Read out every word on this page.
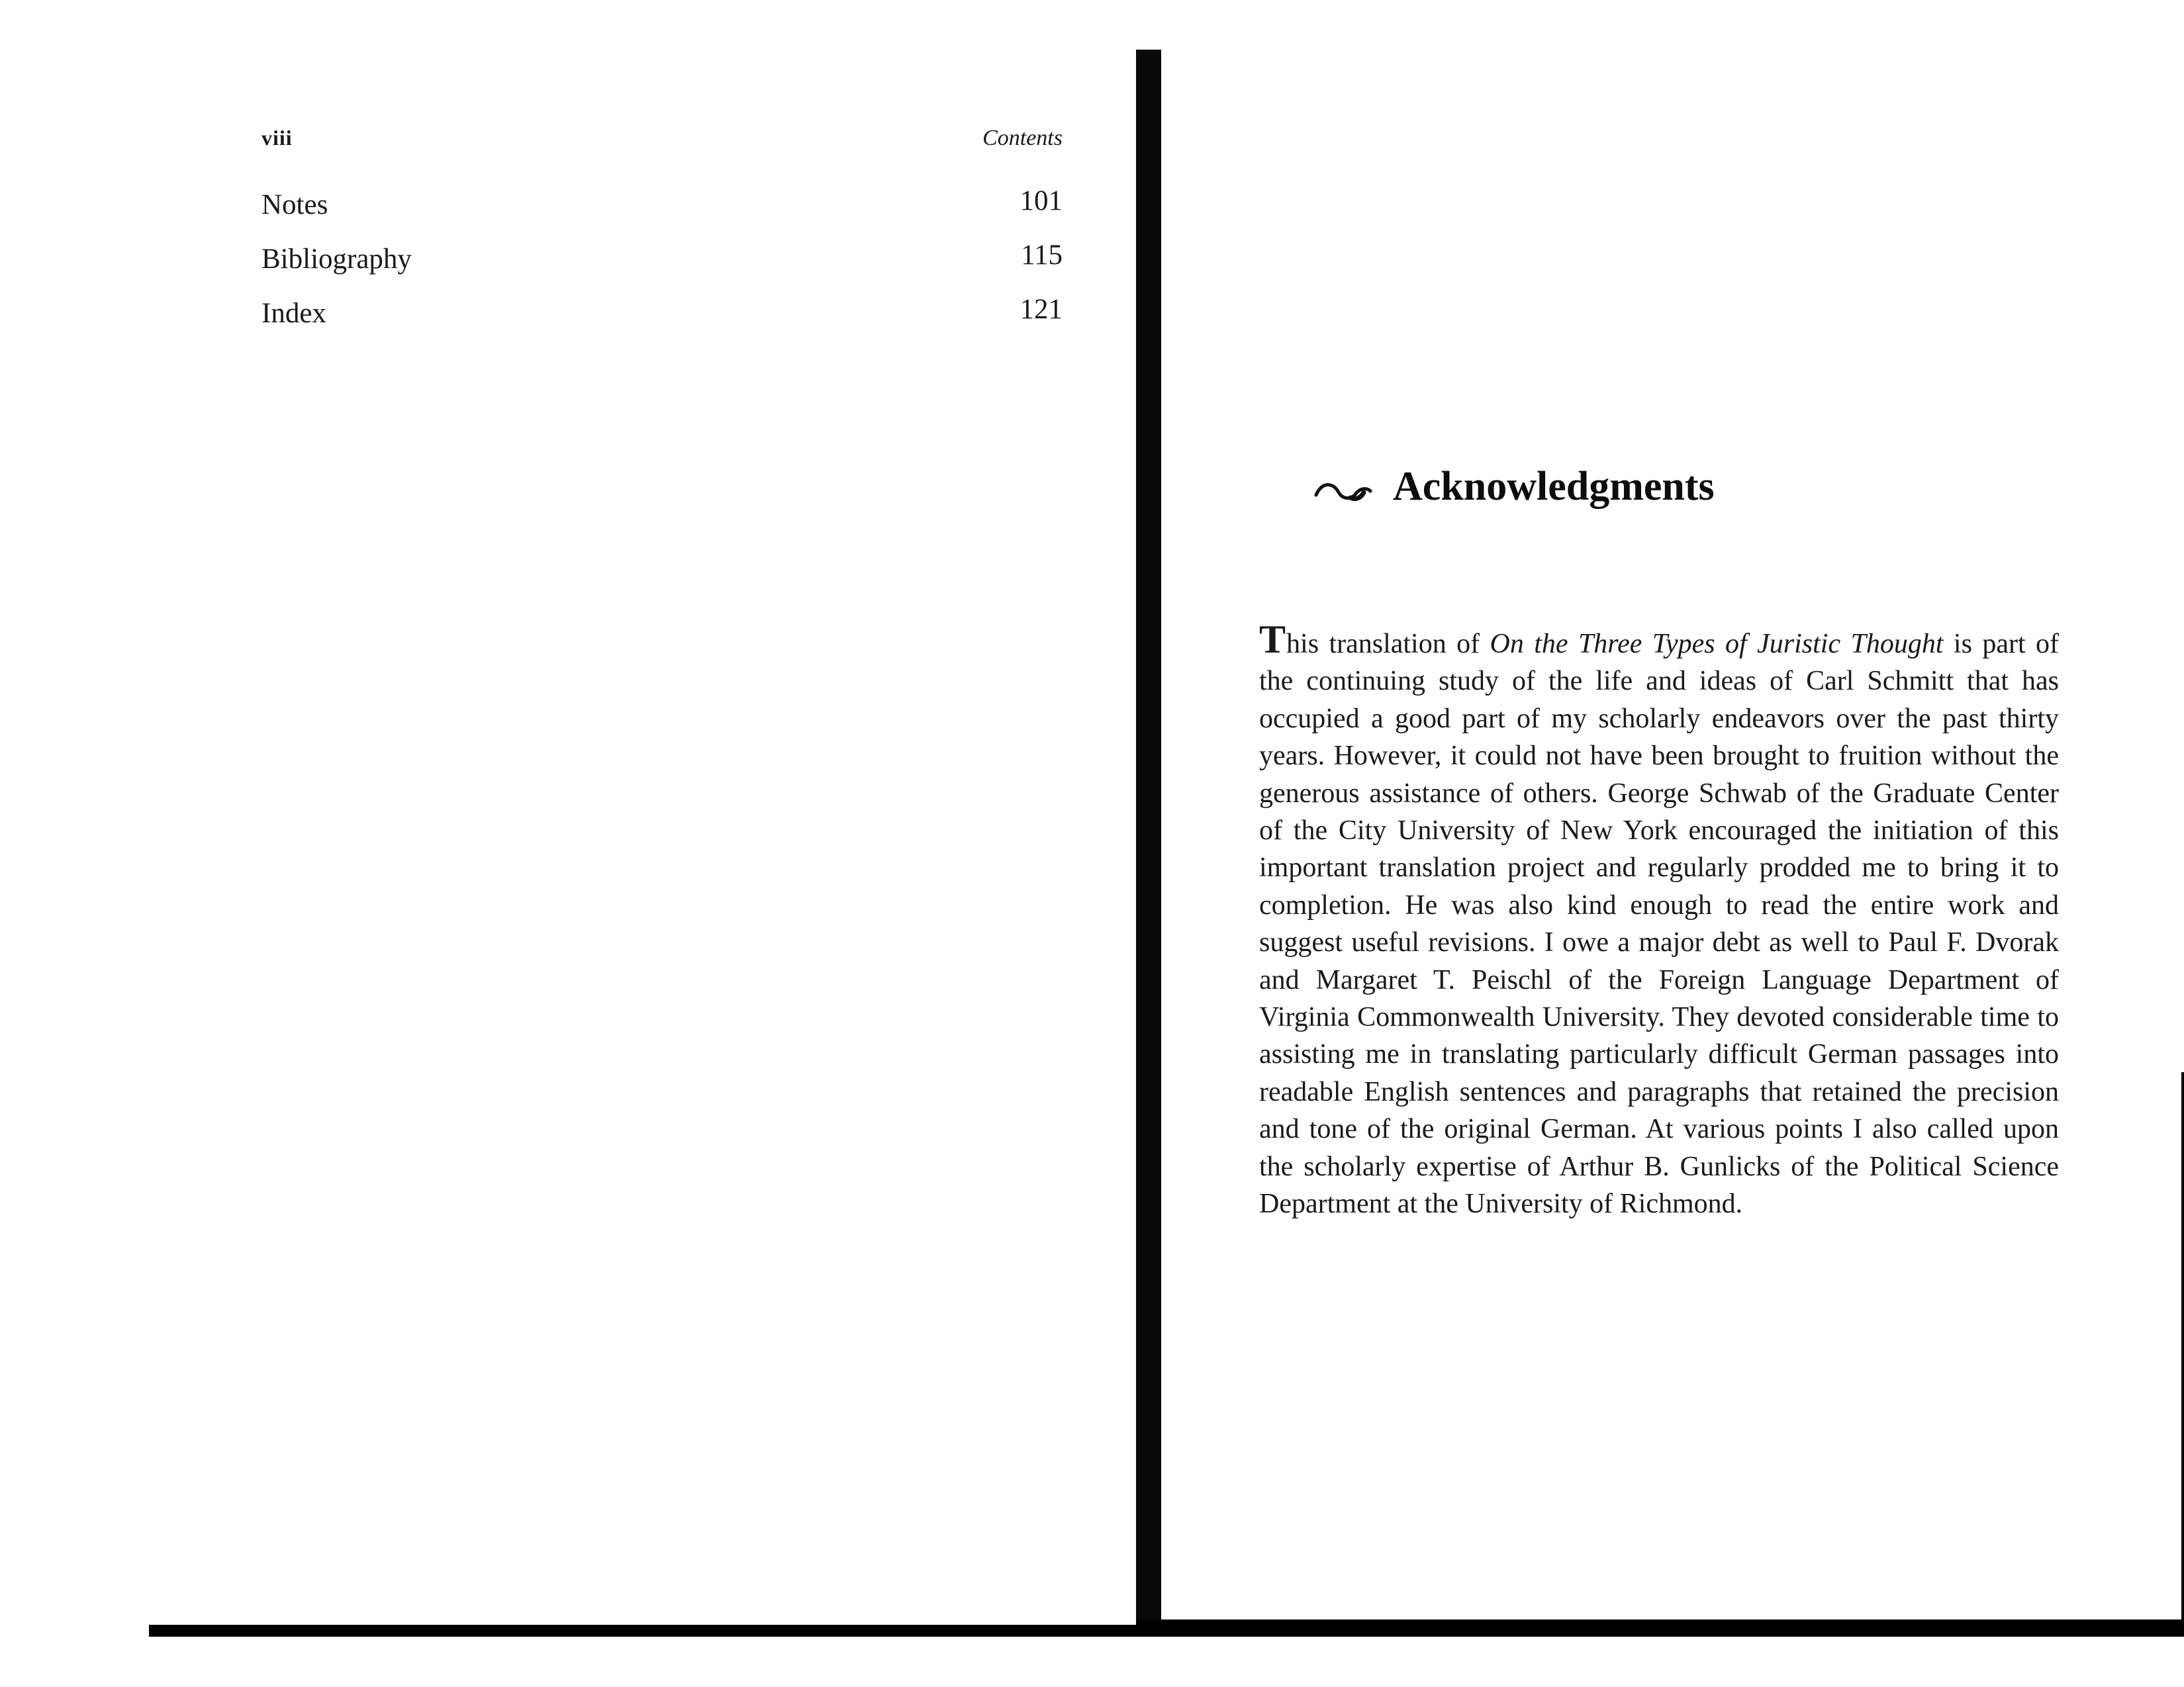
viii	Contents
Notes	101
Bibliography	115
Index	121
Acknowledgments

This translation of On the Three Types of Juristic Thought is part of the continuing study of the life and ideas of Carl Schmitt that has occupied a good part of my scholarly endeavors over the past thirty years. However, it could not have been brought to fruition without the generous assistance of others. George Schwab of the Graduate Center of the City University of New York encouraged the initiation of this important translation project and regularly prodded me to bring it to completion. He was also kind enough to read the entire work and suggest useful revisions. I owe a major debt as well to Paul F. Dvorak and Margaret T. Peischl of the Foreign Language Department of Virginia Commonwealth University. They devoted considerable time to assisting me in translating particularly difficult German passages into readable English sentences and paragraphs that retained the precision and tone of the original German. At various points I also called upon the scholarly expertise of Arthur B. Gunlicks of the Political Science Department at the University of Richmond.
